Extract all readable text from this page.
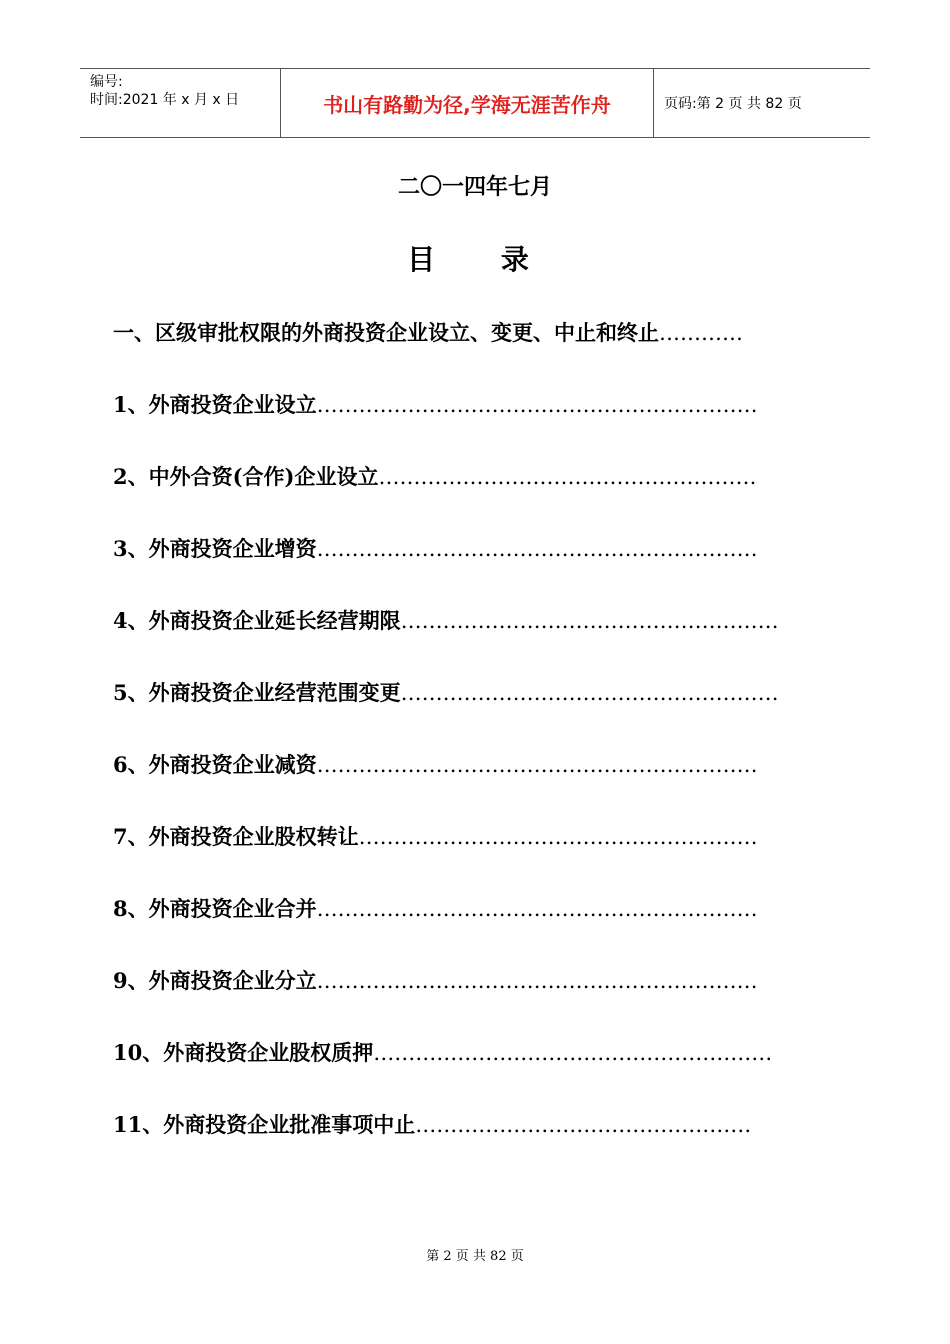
编号:
时间:2021 年 x 月 x 日	书山有路勤为径,学海无涯苦作舟	页码:第 2 页 共 82 页
二〇一四年七月
目 录
一、区级审批权限的外商投资企业设立、变更、中止和终止…………
1、外商投资企业设立………………………………………………………
2、中外合资(合作)企业设立………………………………………………
3、外商投资企业增资………………………………………………………
4、外商投资企业延长经营期限………………………………………………
5、外商投资企业经营范围变更………………………………………………
6、外商投资企业减资………………………………………………………
7、外商投资企业股权转让…………………………………………………
8、外商投资企业合并………………………………………………………
9、外商投资企业分立………………………………………………………
10、外商投资企业股权质押…………………………………………………
11、外商投资企业批准事项中止…………………………………………
第 2 页 共 82 页
